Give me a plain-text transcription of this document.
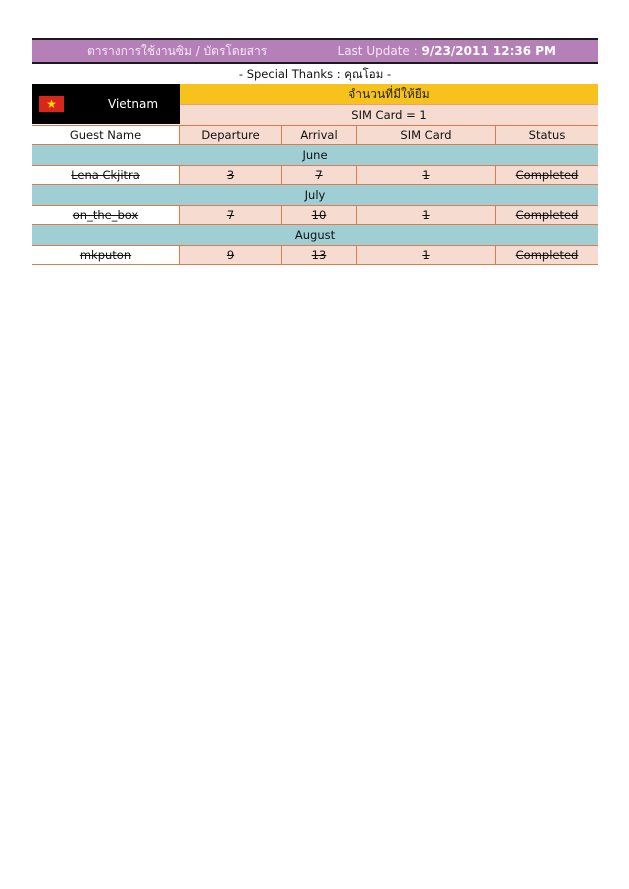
ตารางการใช้งานซิม / บัตรโดยสาร	Last Update : 9/23/2011 12:36 PM
- Special Thanks : คุณโอม -
★	Vietnam
จำนวนที่มีให้ยืม
SIM Card = 1
Guest Name	Departure	Arrival	SIM Card	Status
June
Lena Ckjitra	3	7	1	Completed
July
on_the_box	7	10	1	Completed
August
mkputon	9	13	1	Completed
